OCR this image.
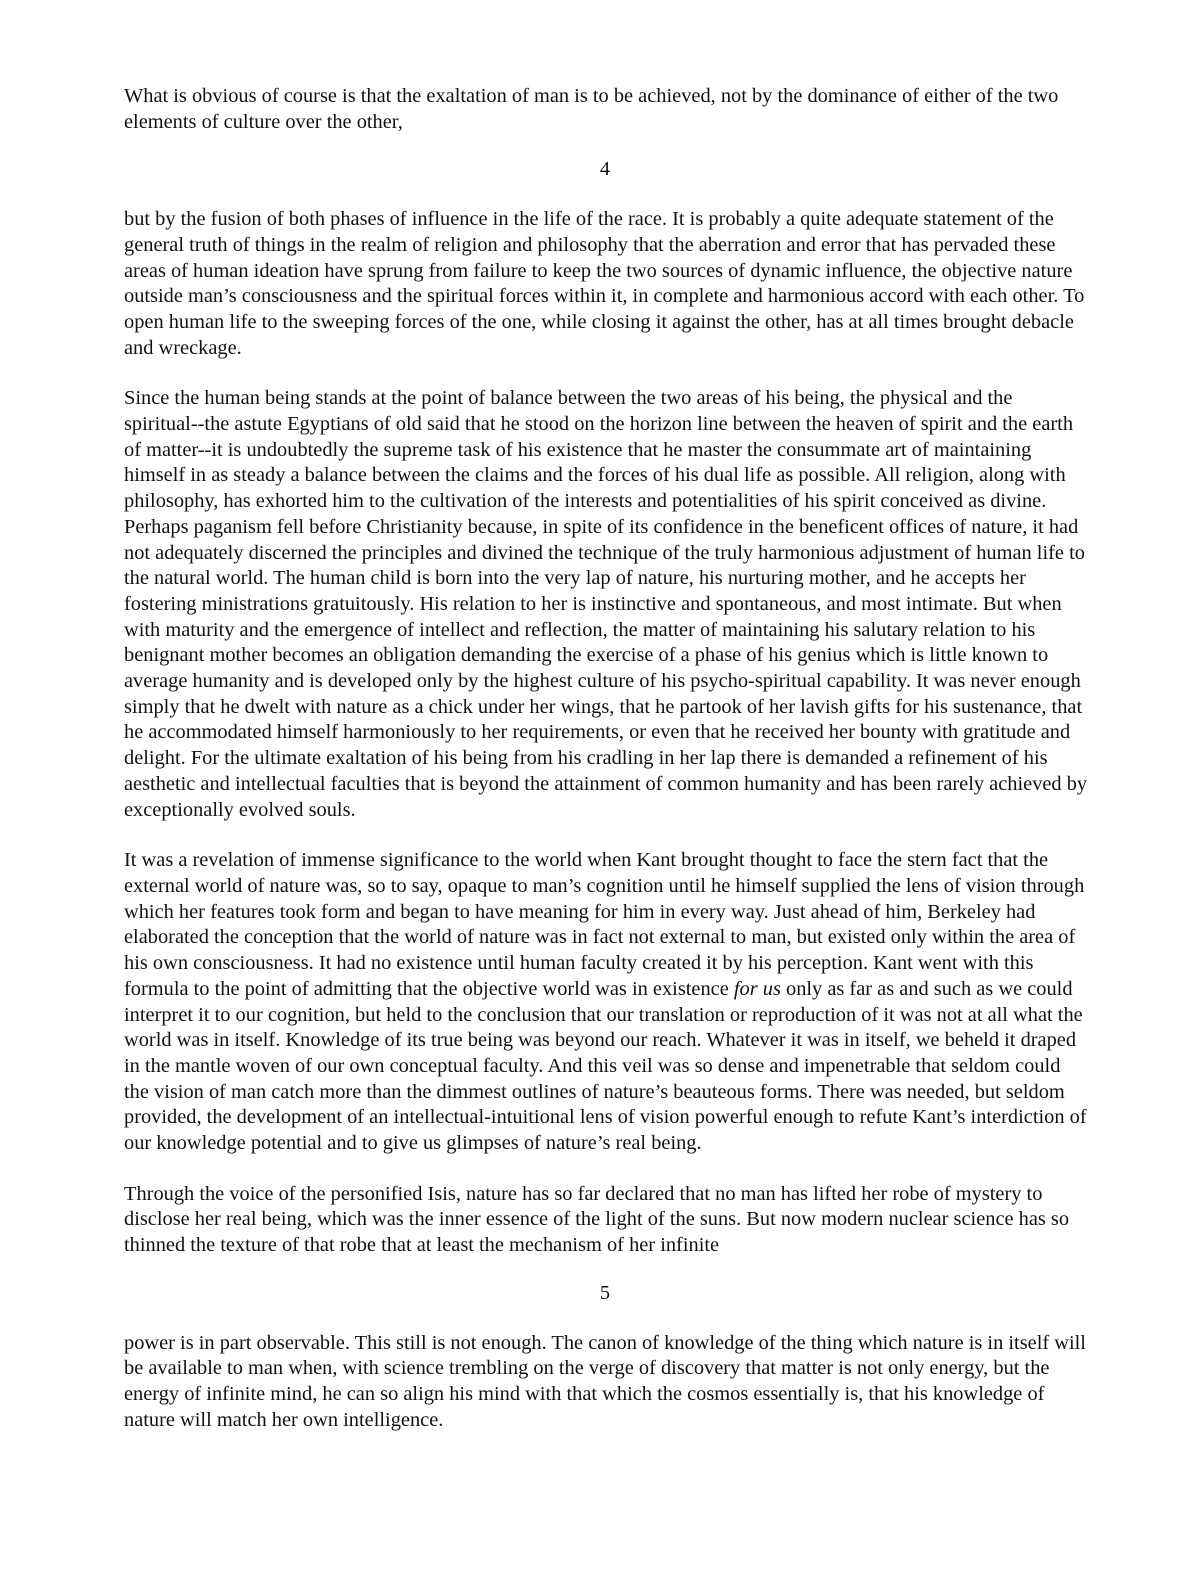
What is obvious of course is that the exaltation of man is to be achieved, not by the dominance of either of the two elements of culture over the other,

4

but by the fusion of both phases of influence in the life of the race. It is probably a quite adequate statement of the general truth of things in the realm of religion and philosophy that the aberration and error that has pervaded these areas of human ideation have sprung from failure to keep the two sources of dynamic influence, the objective nature outside man’s consciousness and the spiritual forces within it, in complete and harmonious accord with each other. To open human life to the sweeping forces of the one, while closing it against the other, has at all times brought debacle and wreckage.

Since the human being stands at the point of balance between the two areas of his being, the physical and the spiritual--the astute Egyptians of old said that he stood on the horizon line between the heaven of spirit and the earth of matter--it is undoubtedly the supreme task of his existence that he master the consummate art of maintaining himself in as steady a balance between the claims and the forces of his dual life as possible. All religion, along with philosophy, has exhorted him to the cultivation of the interests and potentialities of his spirit conceived as divine. Perhaps paganism fell before Christianity because, in spite of its confidence in the beneficent offices of nature, it had not adequately discerned the principles and divined the technique of the truly harmonious adjustment of human life to the natural world. The human child is born into the very lap of nature, his nurturing mother, and he accepts her fostering ministrations gratuitously. His relation to her is instinctive and spontaneous, and most intimate. But when with maturity and the emergence of intellect and reflection, the matter of maintaining his salutary relation to his benignant mother becomes an obligation demanding the exercise of a phase of his genius which is little known to average humanity and is developed only by the highest culture of his psycho-spiritual capability. It was never enough simply that he dwelt with nature as a chick under her wings, that he partook of her lavish gifts for his sustenance, that he accommodated himself harmoniously to her requirements, or even that he received her bounty with gratitude and delight. For the ultimate exaltation of his being from his cradling in her lap there is demanded a refinement of his aesthetic and intellectual faculties that is beyond the attainment of common humanity and has been rarely achieved by exceptionally evolved souls.

It was a revelation of immense significance to the world when Kant brought thought to face the stern fact that the external world of nature was, so to say, opaque to man’s cognition until he himself supplied the lens of vision through which her features took form and began to have meaning for him in every way. Just ahead of him, Berkeley had elaborated the conception that the world of nature was in fact not external to man, but existed only within the area of his own consciousness. It had no existence until human faculty created it by his perception. Kant went with this formula to the point of admitting that the objective world was in existence for us only as far as and such as we could interpret it to our cognition, but held to the conclusion that our translation or reproduction of it was not at all what the world was in itself. Knowledge of its true being was beyond our reach. Whatever it was in itself, we beheld it draped in the mantle woven of our own conceptual faculty. And this veil was so dense and impenetrable that seldom could the vision of man catch more than the dimmest outlines of nature’s beauteous forms. There was needed, but seldom provided, the development of an intellectual-intuitional lens of vision powerful enough to refute Kant’s interdiction of our knowledge potential and to give us glimpses of nature’s real being.

Through the voice of the personified Isis, nature has so far declared that no man has lifted her robe of mystery to disclose her real being, which was the inner essence of the light of the suns. But now modern nuclear science has so thinned the texture of that robe that at least the mechanism of her infinite

5

power is in part observable. This still is not enough. The canon of knowledge of the thing which nature is in itself will be available to man when, with science trembling on the verge of discovery that matter is not only energy, but the energy of infinite mind, he can so align his mind with that which the cosmos essentially is, that his knowledge of nature will match her own intelligence.
